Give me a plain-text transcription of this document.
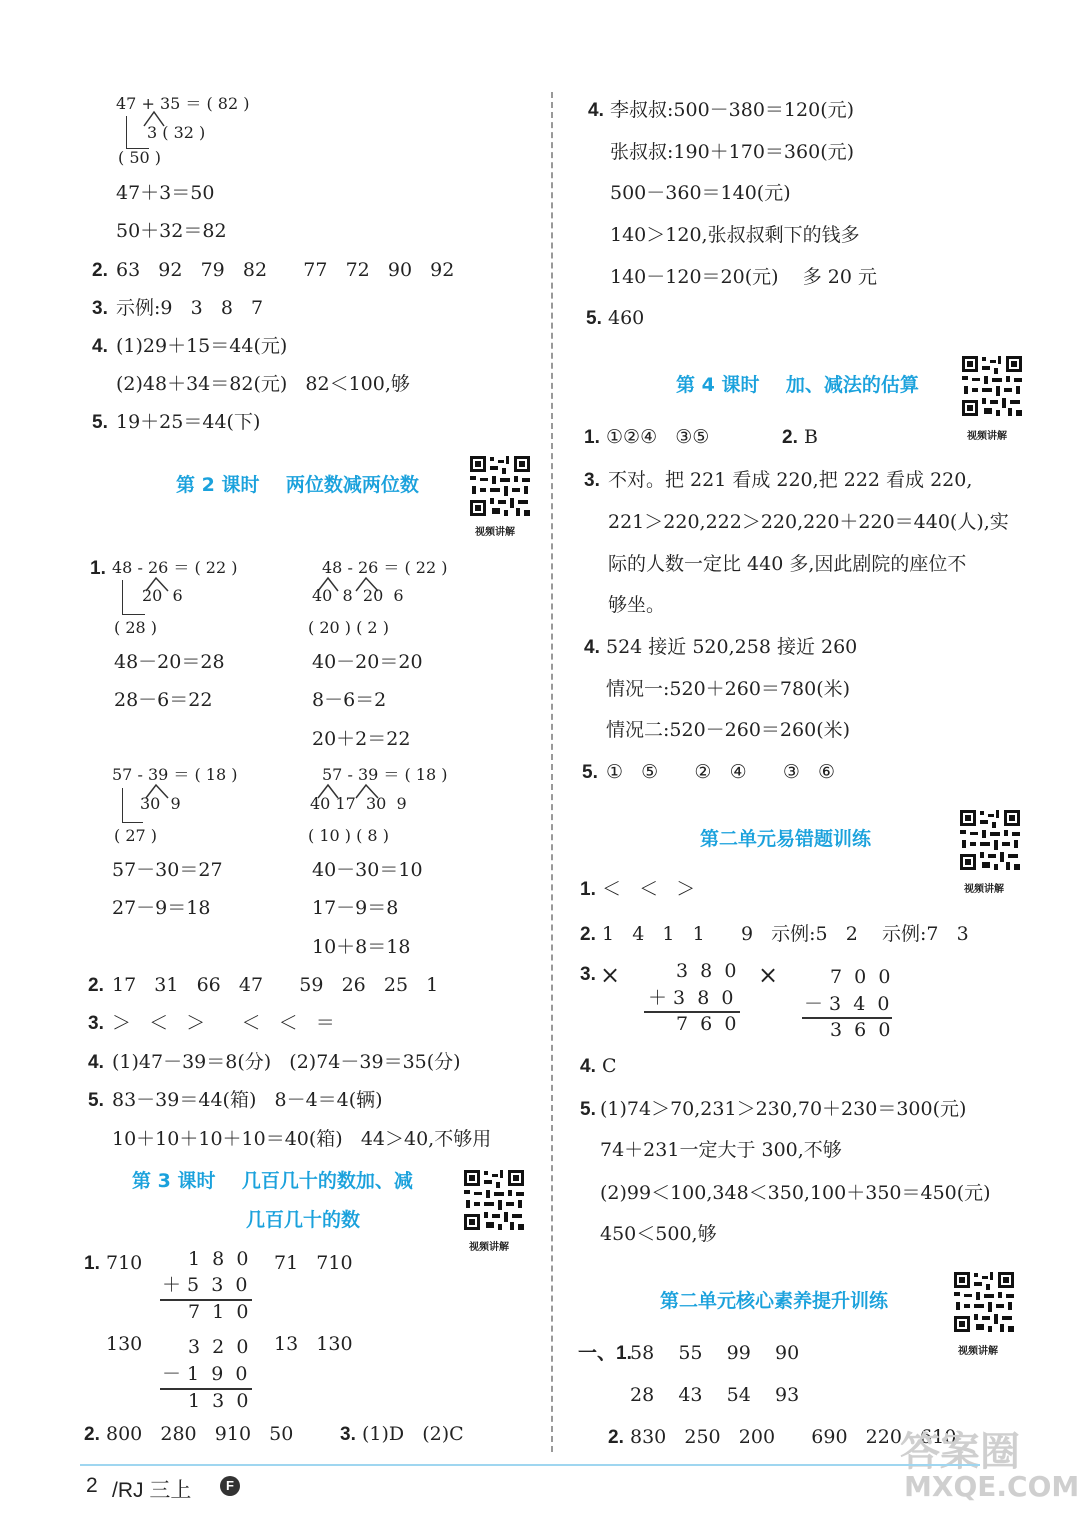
47 + 35 ＝ ( 82 )
3 ( 32 )
( 50 )
47＋3＝50
50＋32＝82
2. 63   92   79   82      77   72   90   92
3. 示例:9   3   8   7
4. (1)29＋15＝44(元)
(2)48＋34＝82(元)   82＜100,够
5. 19＋25＝44(下)
第 2 课时    两位数减两位数
视频讲解
1. 48 - 26 ＝ ( 22 )
20  6
( 28 )
48－20＝28
28－6＝22
48 - 26 ＝ ( 22 )
40  8  20  6
( 20 ) ( 2 )
40－20＝20
8－6＝2
20＋2＝22
57 - 39 ＝ ( 18 )
30  9
( 27 )
57－30＝27
27－9＝18
57 - 39 ＝ ( 18 )
40 17  30  9
( 10 ) ( 8 )
40－30＝10
17－9＝8
10＋8＝18
2. 17   31   66   47      59   26   25   1
3. ＞   ＜   ＞      ＜   ＜   ＝
4. (1)47－39＝8(分)   (2)74－39＝35(分)
5. 83－39＝44(箱)   8－4＝4(辆)
10＋10＋10＋10＝40(箱)   44＞40,不够用
第 3 课时    几百几十的数加、减
几百几十的数
视频讲解
1. 710 1  8  0
＋ 5  3  0
7  1  0
71   710
130 3  2  0
－ 1  9  0
1  3  0
13   130
2. 800   280   910   50 3. (1)D   (2)C
4. 李叔叔:500－380＝120(元)
张叔叔:190＋170＝360(元)
500－360＝140(元)
140＞120,张叔叔剩下的钱多
140－120＝20(元)    多 20 元
5. 460
第 4 课时    加、减法的估算
视频讲解
1. ①②④   ③⑤	2. B
3. 不对。把 221 看成 220,把 222 看成 220,
221＞220,222＞220,220＋220＝440(人),实
际的人数一定比 440 多,因此剧院的座位不
够坐。
4. 524 接近 520,258 接近 260
情况一:520＋260＝780(米)
情况二:520－260＝260(米)
5. ①   ⑤      ②   ④      ③   ⑥
第二单元易错题训练
视频讲解
1. ＜   ＜   ＞
2. 1   4   1   1      9   示例:5   2    示例:7   3
3. ×	3  8  0
＋ 3  8  0
7  6  0
×	7  0  0
－ 3  4  0
3  6  0
4. C
5. (1)74＞70,231＞230,70＋230＝300(元)
74＋231一定大于 300,不够
(2)99＜100,348＜350,100＋350＝450(元)
450＜500,够
第二单元核心素养提升训练
视频讲解
一、1.
58    55    99    90
28    43    54    93
2. 830   250   200      690   220   610
答案圈
MXQE.COM
2 /RJ 三上	F
